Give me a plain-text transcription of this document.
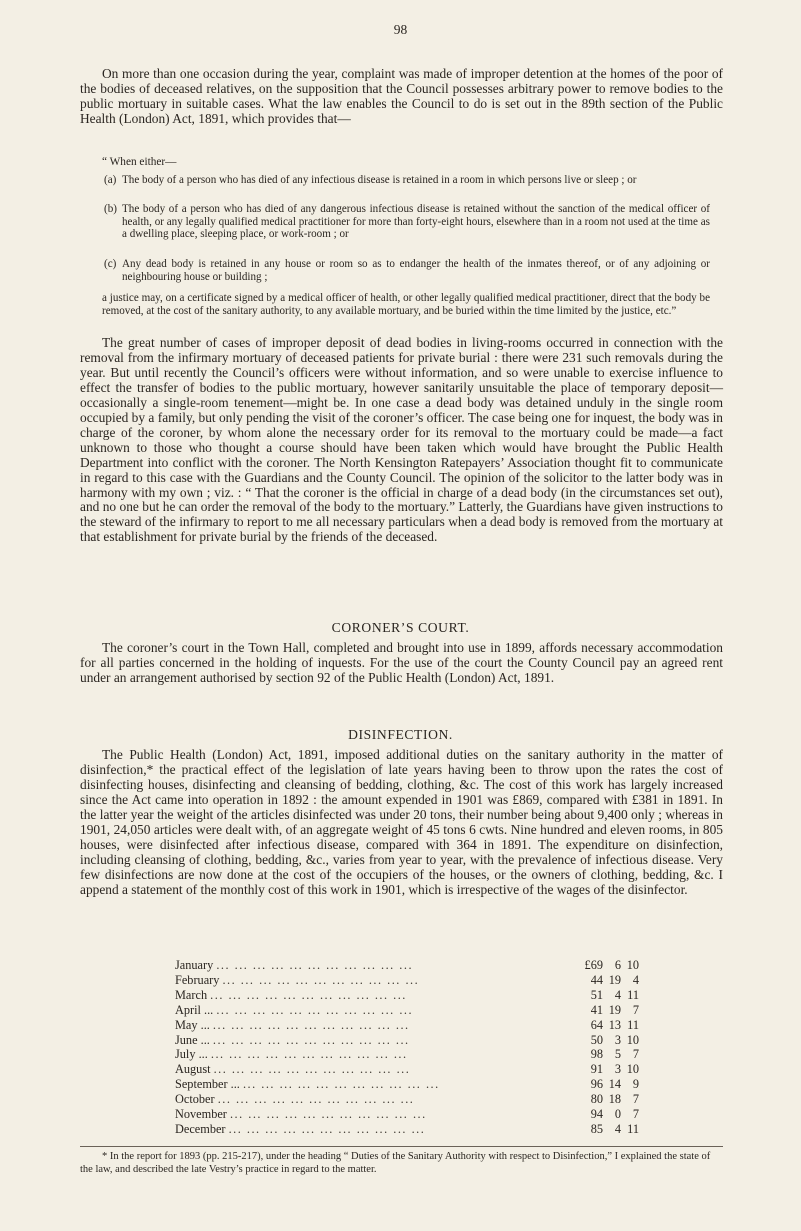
98

On more than one occasion during the year, complaint was made of improper detention at the homes of the poor of the bodies of deceased relatives, on the supposition that the Council possesses arbitrary power to remove bodies to the public mortuary in suitable cases. What the law enables the Council to do is set out in the 89th section of the Public Health (London) Act, 1891, which provides that—

“ When either—
(a) The body of a person who has died of any infectious disease is retained in a room in which persons live or sleep ; or
(b) The body of a person who has died of any dangerous infectious disease is retained without the sanction of the medical officer of health, or any legally qualified medical practitioner for more than forty-eight hours, elsewhere than in a room not used at the time as a dwelling place, sleeping place, or work-room ; or
(c) Any dead body is retained in any house or room so as to endanger the health of the inmates thereof, or of any adjoining or neighbouring house or building ;

a justice may, on a certificate signed by a medical officer of health, or other legally qualified medical practitioner, direct that the body be removed, at the cost of the sanitary authority, to any available mortuary, and be buried within the time limited by the justice, etc.”

The great number of cases of improper deposit of dead bodies in living-rooms occurred in connection with the removal from the infirmary mortuary of deceased patients for private burial : there were 231 such removals during the year. But until recently the Council’s officers were without information, and so were unable to exercise influence to effect the transfer of bodies to the public mortuary, however sanitarily unsuitable the place of temporary deposit—occasionally a single-room tenement—might be. In one case a dead body was detained unduly in the single room occupied by a family, but only pending the visit of the coroner’s officer. The case being one for inquest, the body was in charge of the coroner, by whom alone the necessary order for its removal to the mortuary could be made—a fact unknown to those who thought a course should have been taken which would have brought the Public Health Department into conflict with the coroner. The North Kensington Ratepayers’ Association thought fit to communicate in regard to this case with the Guardians and the County Council. The opinion of the solicitor to the latter body was in harmony with my own ; viz. : “ That the coroner is the official in charge of a dead body (in the circumstances set out), and no one but he can order the removal of the body to the mortuary.” Latterly, the Guardians have given instructions to the steward of the infirmary to report to me all necessary particulars when a dead body is removed from the mortuary at that establishment for private burial by the friends of the deceased.

CORONER’S COURT.

The coroner’s court in the Town Hall, completed and brought into use in 1899, affords necessary accommodation for all parties concerned in the holding of inquests. For the use of the court the County Council pay an agreed rent under an arrangement authorised by section 92 of the Public Health (London) Act, 1891.

DISINFECTION.

The Public Health (London) Act, 1891, imposed additional duties on the sanitary authority in the matter of disinfection,* the practical effect of the legislation of late years having been to throw upon the rates the cost of disinfecting houses, disinfecting and cleansing of bedding, clothing, &c. The cost of this work has largely increased since the Act came into operation in 1892 : the amount expended in 1901 was £869, compared with £381 in 1891. In the latter year the weight of the articles disinfected was under 20 tons, their number being about 9,400 only ; whereas in 1901, 24,050 articles were dealt with, of an aggregate weight of 45 tons 6 cwts. Nine hundred and eleven rooms, in 805 houses, were disinfected after infectious disease, compared with 364 in 1891. The expenditure on disinfection, including cleansing of clothing, bedding, &c., varies from year to year, with the prevalence of infectious disease. Very few disinfections are now done at the cost of the occupiers of the houses, or the owners of clothing, bedding, &c. I append a statement of the monthly cost of this work in 1901, which is irrespective of the wages of the disinfector.

January ... ... ... ... ... ... ... ... ... ... ...	£69	6	10
February ... ... ... ... ... ... ... ... ... ... ...	44	19	4
March ... ... ... ... ... ... ... ... ... ... ...	51	4	11
April ... ... ... ... ... ... ... ... ... ... ... ...	41	19	7
May ... ... ... ... ... ... ... ... ... ... ... ...	64	13	11
June ... ... ... ... ... ... ... ... ... ... ... ...	50	3	10
July ... ... ... ... ... ... ... ... ... ... ... ...	98	5	7
August ... ... ... ... ... ... ... ... ... ... ...	91	3	10
September ... ... ... ... ... ... ... ... ... ... ... ...	96	14	9
October ... ... ... ... ... ... ... ... ... ... ...	80	18	7
November ... ... ... ... ... ... ... ... ... ... ...	94	0	7
December ... ... ... ... ... ... ... ... ... ... ...	85	4	11

* In the report for 1893 (pp. 215-217), under the heading “ Duties of the Sanitary Authority with respect to Disinfection,” I explained the state of the law, and described the late Vestry’s practice in regard to the matter.
